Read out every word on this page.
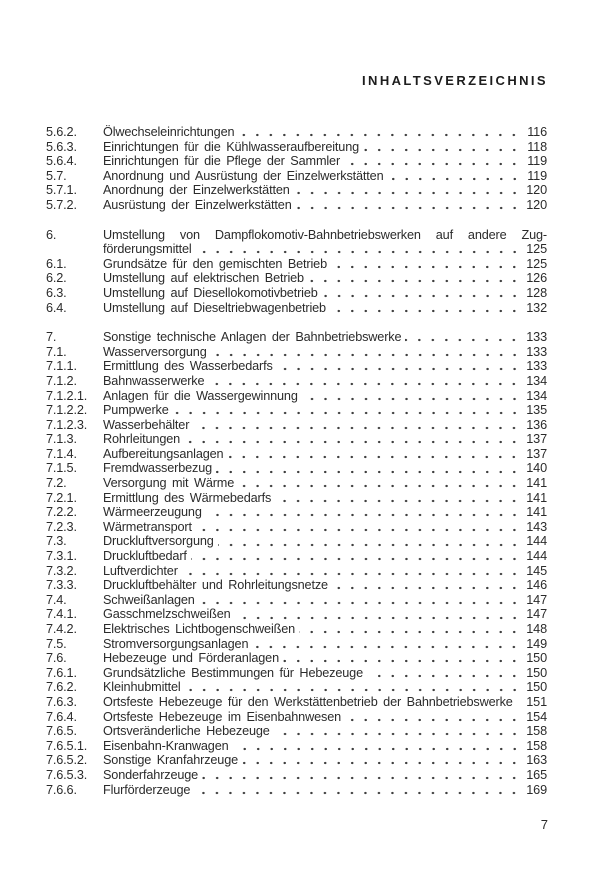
INHALTSVERZEICHNIS
5.6.2.	Ölwechseleinrichtungen	116
5.6.3.	Einrichtungen für die Kühlwasseraufbereitung	118
5.6.4.	Einrichtungen für die Pflege der Sammler	119
5.7.	Anordnung und Ausrüstung der Einzelwerkstätten	119
5.7.1.	Anordnung der Einzelwerkstätten	120
5.7.2.	Ausrüstung der Einzelwerkstätten	120
6.	Umstellung von Dampflokomotiv-Bahnbetriebswerken auf andere Zug-
förderungsmittel	125
6.1.	Grundsätze für den gemischten Betrieb	125
6.2.	Umstellung auf elektrischen Betrieb	126
6.3.	Umstellung auf Diesellokomotivbetrieb	128
6.4.	Umstellung auf Dieseltriebwagenbetrieb	132
7.	Sonstige technische Anlagen der Bahnbetriebswerke	133
7.1.	Wasserversorgung	133
7.1.1.	Ermittlung des Wasserbedarfs	133
7.1.2.	Bahnwasserwerke	134
7.1.2.1.	Anlagen für die Wassergewinnung	134
7.1.2.2.	Pumpwerke	135
7.1.2.3.	Wasserbehälter	136
7.1.3.	Rohrleitungen	137
7.1.4.	Aufbereitungsanlagen	137
7.1.5.	Fremdwasserbezug	140
7.2.	Versorgung mit Wärme	141
7.2.1.	Ermittlung des Wärmebedarfs	141
7.2.2.	Wärmeerzeugung	141
7.2.3.	Wärmetransport	143
7.3.	Druckluftversorgung	144
7.3.1.	Druckluftbedarf	144
7.3.2.	Luftverdichter	145
7.3.3.	Druckluftbehälter und Rohrleitungsnetze	146
7.4.	Schweißanlagen	147
7.4.1.	Gasschmelzschweißen	147
7.4.2.	Elektrisches Lichtbogenschweißen	148
7.5.	Stromversorgungsanlagen	149
7.6.	Hebezeuge und Förderanlagen	150
7.6.1.	Grundsätzliche Bestimmungen für Hebezeuge	150
7.6.2.	Kleinhubmittel	150
7.6.3.	Ortsfeste Hebezeuge für den Werkstättenbetrieb der Bahnbetriebswerke 151
7.6.4.	Ortsfeste Hebezeuge im Eisenbahnwesen	154
7.6.5.	Ortsveränderliche Hebezeuge	158
7.6.5.1.	Eisenbahn-Kranwagen	158
7.6.5.2.	Sonstige Kranfahrzeuge	163
7.6.5.3.	Sonderfahrzeuge	165
7.6.6.	Flurförderzeuge	169
7
